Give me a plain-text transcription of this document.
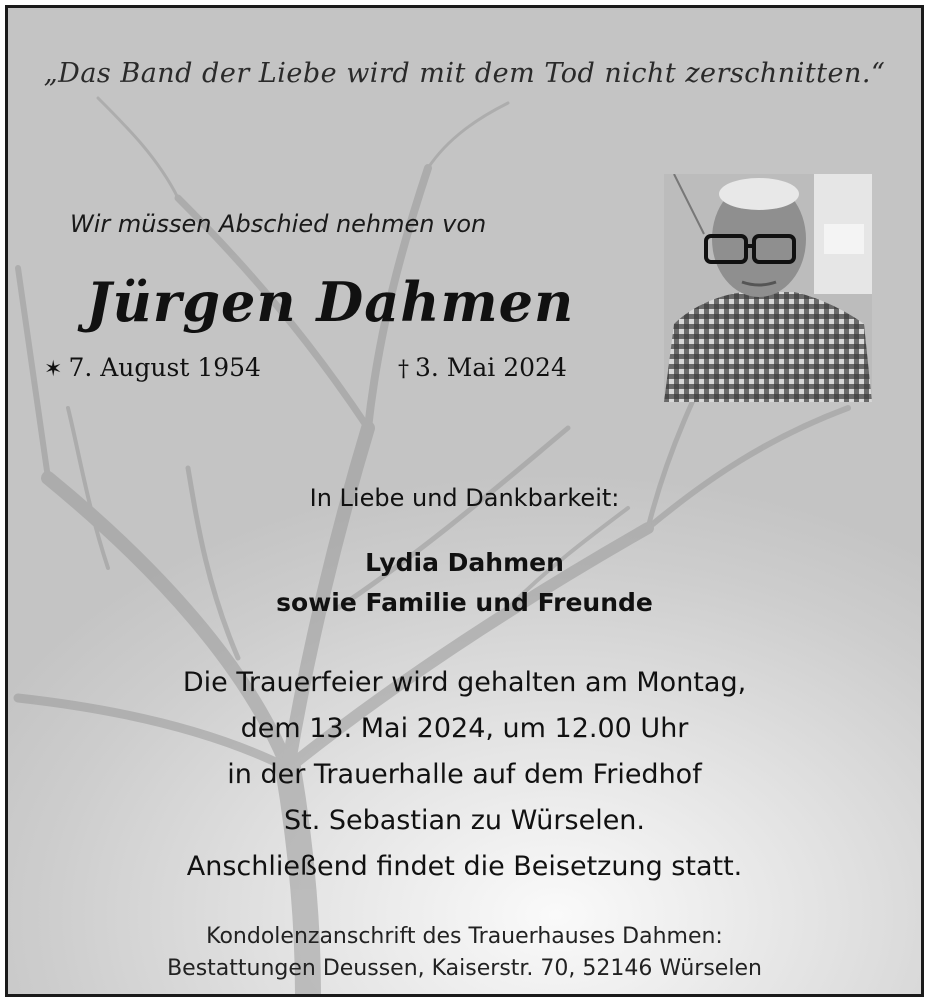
„Das Band der Liebe wird mit dem Tod nicht zerschnitten.“
Wir müssen Abschied nehmen von
Jürgen Dahmen
✶ 7. August 1954	† 3. Mai 2024
In Liebe und Dankbarkeit:
Lydia Dahmen
sowie Familie und Freunde
Die Trauerfeier wird gehalten am Montag,
dem 13. Mai 2024, um 12.00 Uhr
in der Trauerhalle auf dem Friedhof
St. Sebastian zu Würselen.
Anschließend findet die Beisetzung statt.
Kondolenzanschrift des Trauerhauses Dahmen:
Bestattungen Deussen, Kaiserstr. 70, 52146 Würselen
